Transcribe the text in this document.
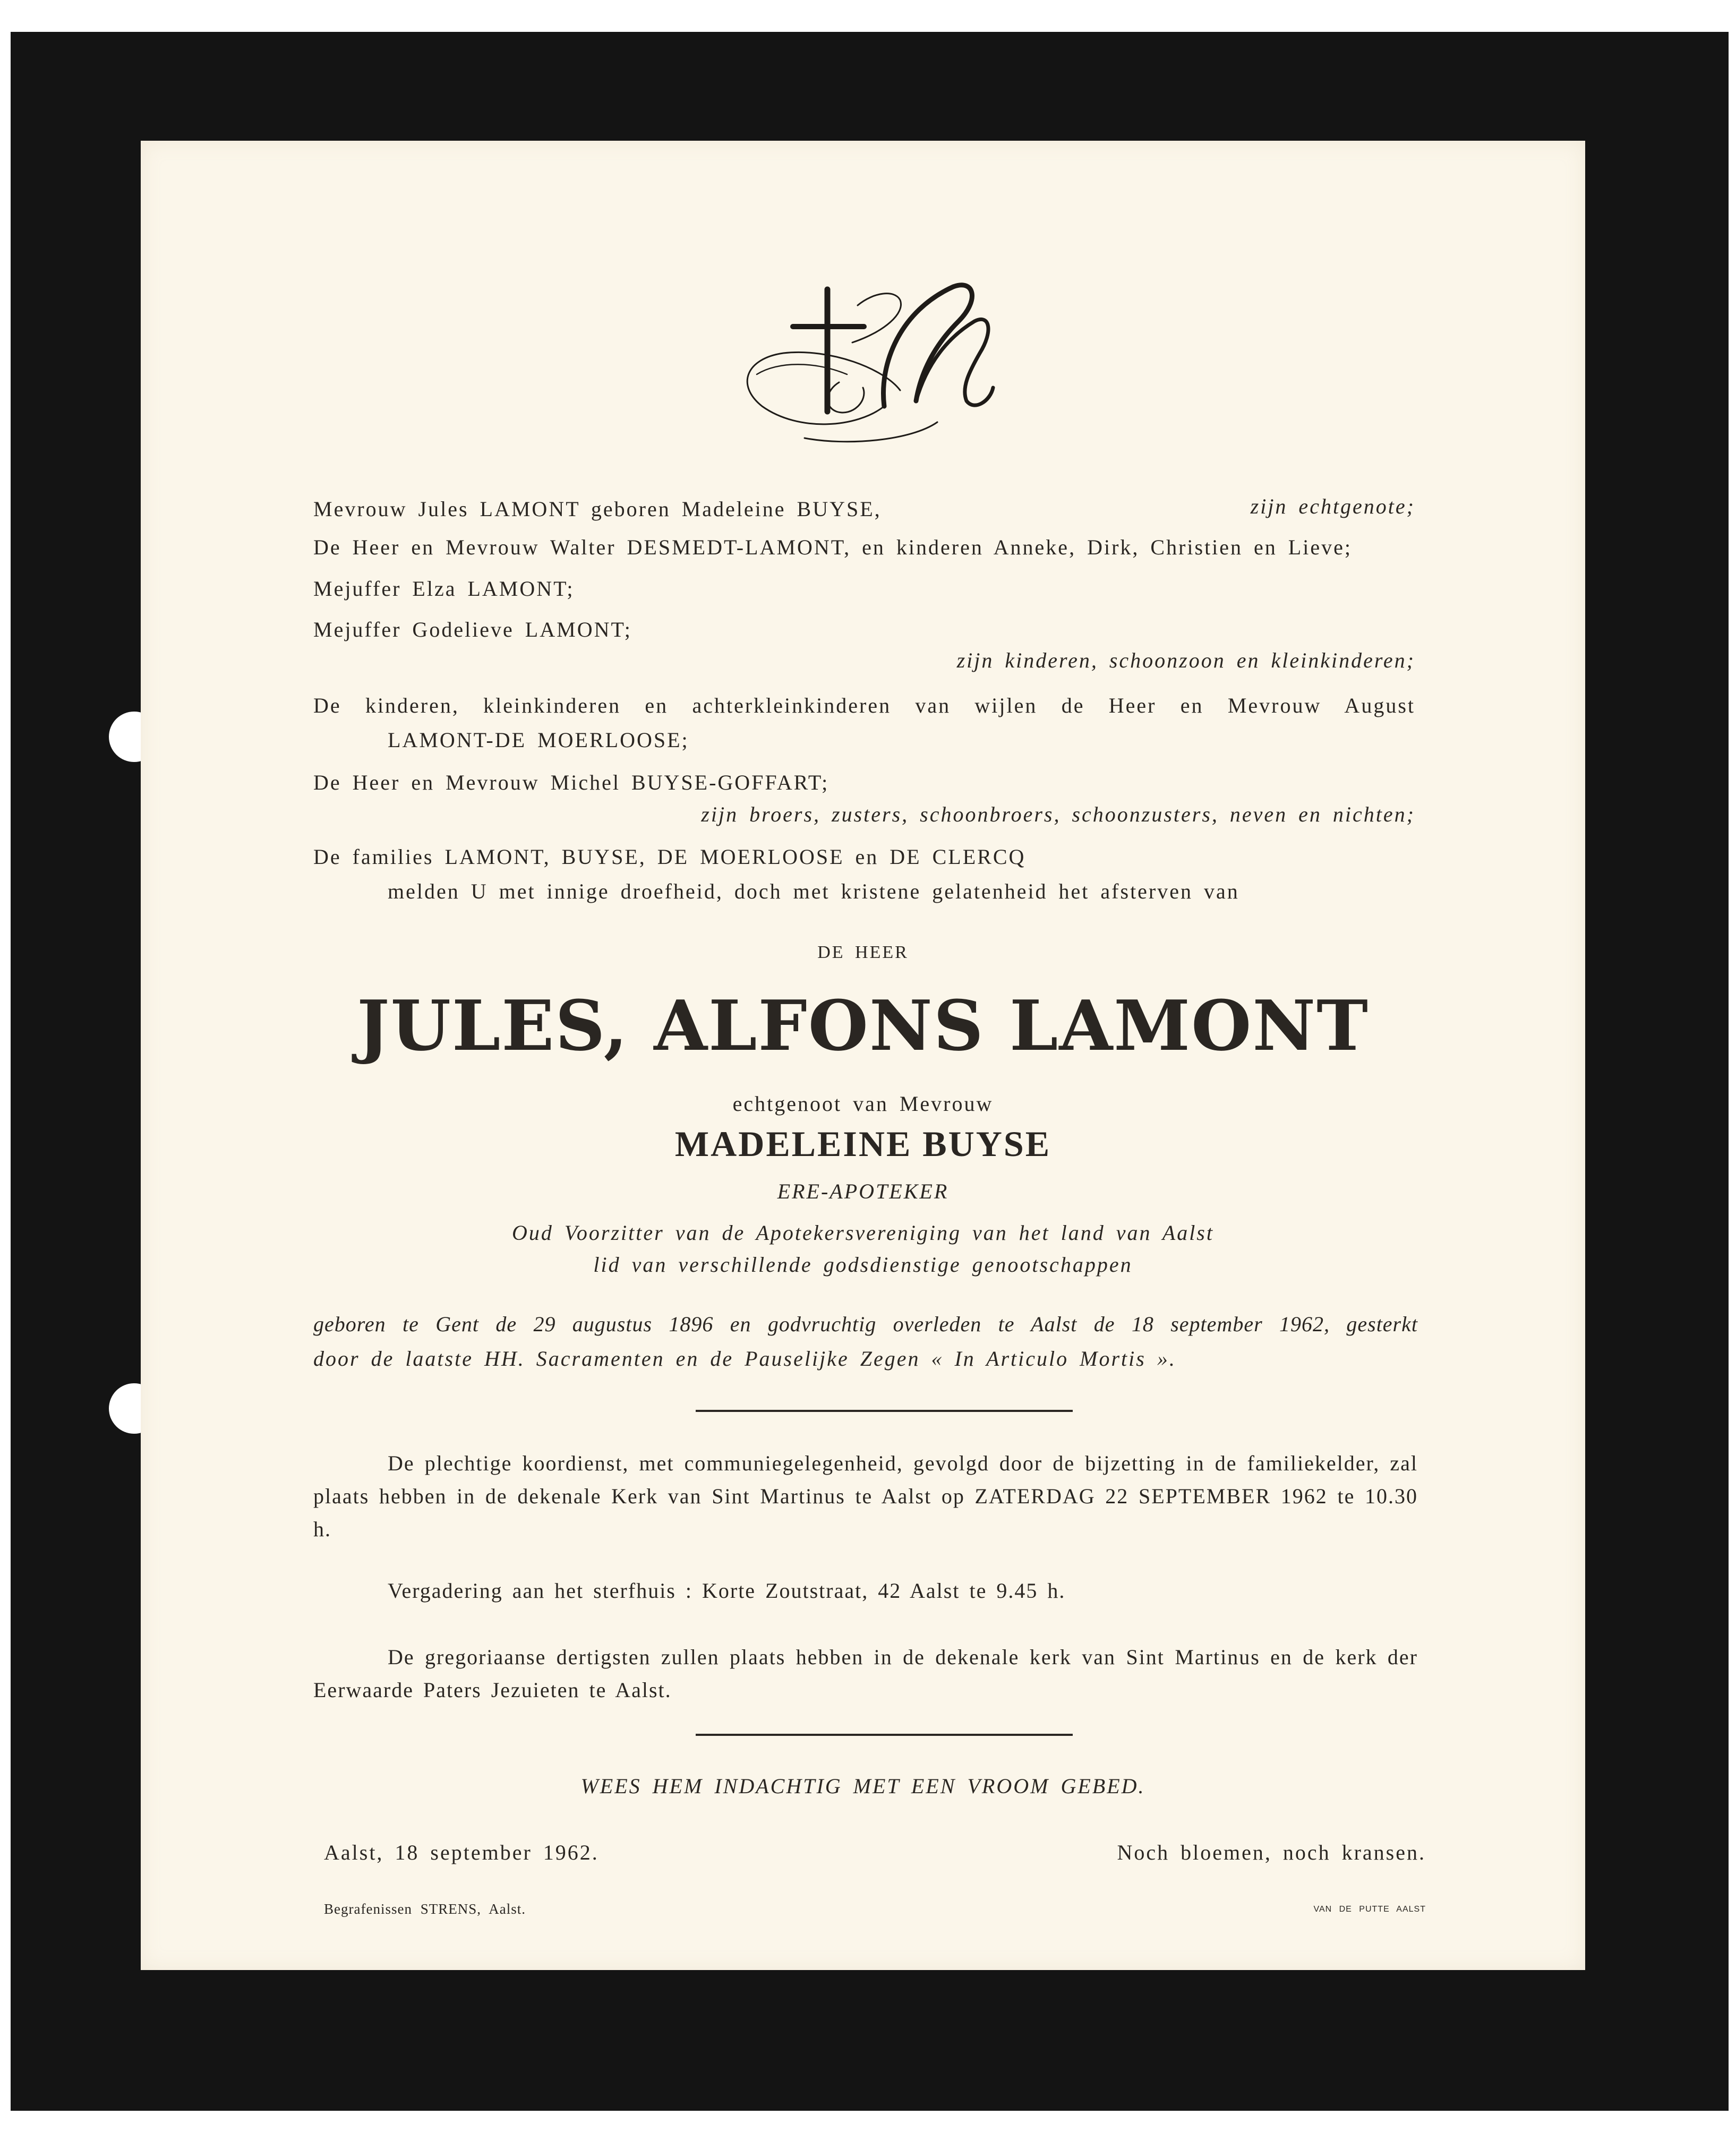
Mevrouw Jules LAMONT geboren Madeleine BUYSE,	zijn echtgenote;
De Heer en Mevrouw Walter DESMEDT-LAMONT, en kinderen Anneke, Dirk, Christien en Lieve;
Mejuffer Elza LAMONT;
Mejuffer Godelieve LAMONT;
zijn kinderen, schoonzoon en kleinkinderen;
De kinderen, kleinkinderen en achterkleinkinderen van wijlen de Heer en Mevrouw August
LAMONT-DE MOERLOOSE;
De Heer en Mevrouw Michel BUYSE-GOFFART;
zijn broers, zusters, schoonbroers, schoonzusters, neven en nichten;
De families LAMONT, BUYSE, DE MOERLOOSE en DE CLERCQ
melden U met innige droefheid, doch met kristene gelatenheid het afsterven van
DE HEER
JULES, ALFONS LAMONT
echtgenoot van Mevrouw
MADELEINE BUYSE
ERE-APOTEKER
Oud Voorzitter van de Apotekersvereniging van het land van Aalst
lid van verschillende godsdienstige genootschappen
geboren te Gent de 29 augustus 1896 en godvruchtig overleden te Aalst de 18 september 1962, gesterkt
door de laatste HH. Sacramenten en de Pauselijke Zegen « In Articulo Mortis ».
De plechtige koordienst, met communiegelegenheid, gevolgd door de bijzetting in de familiekelder, zal plaats hebben in de dekenale Kerk van Sint Martinus te Aalst op ZATERDAG 22 SEPTEMBER 1962 te 10.30 h.
Vergadering aan het sterfhuis : Korte Zoutstraat, 42 Aalst te 9.45 h.
De gregoriaanse dertigsten zullen plaats hebben in de dekenale kerk van Sint Martinus en de kerk der Eerwaarde Paters Jezuieten te Aalst.
WEES HEM INDACHTIG MET EEN VROOM GEBED.
Aalst, 18 september 1962.	Noch bloemen, noch kransen.
Begrafenissen STRENS, Aalst.	VAN DE PUTTE AALST
